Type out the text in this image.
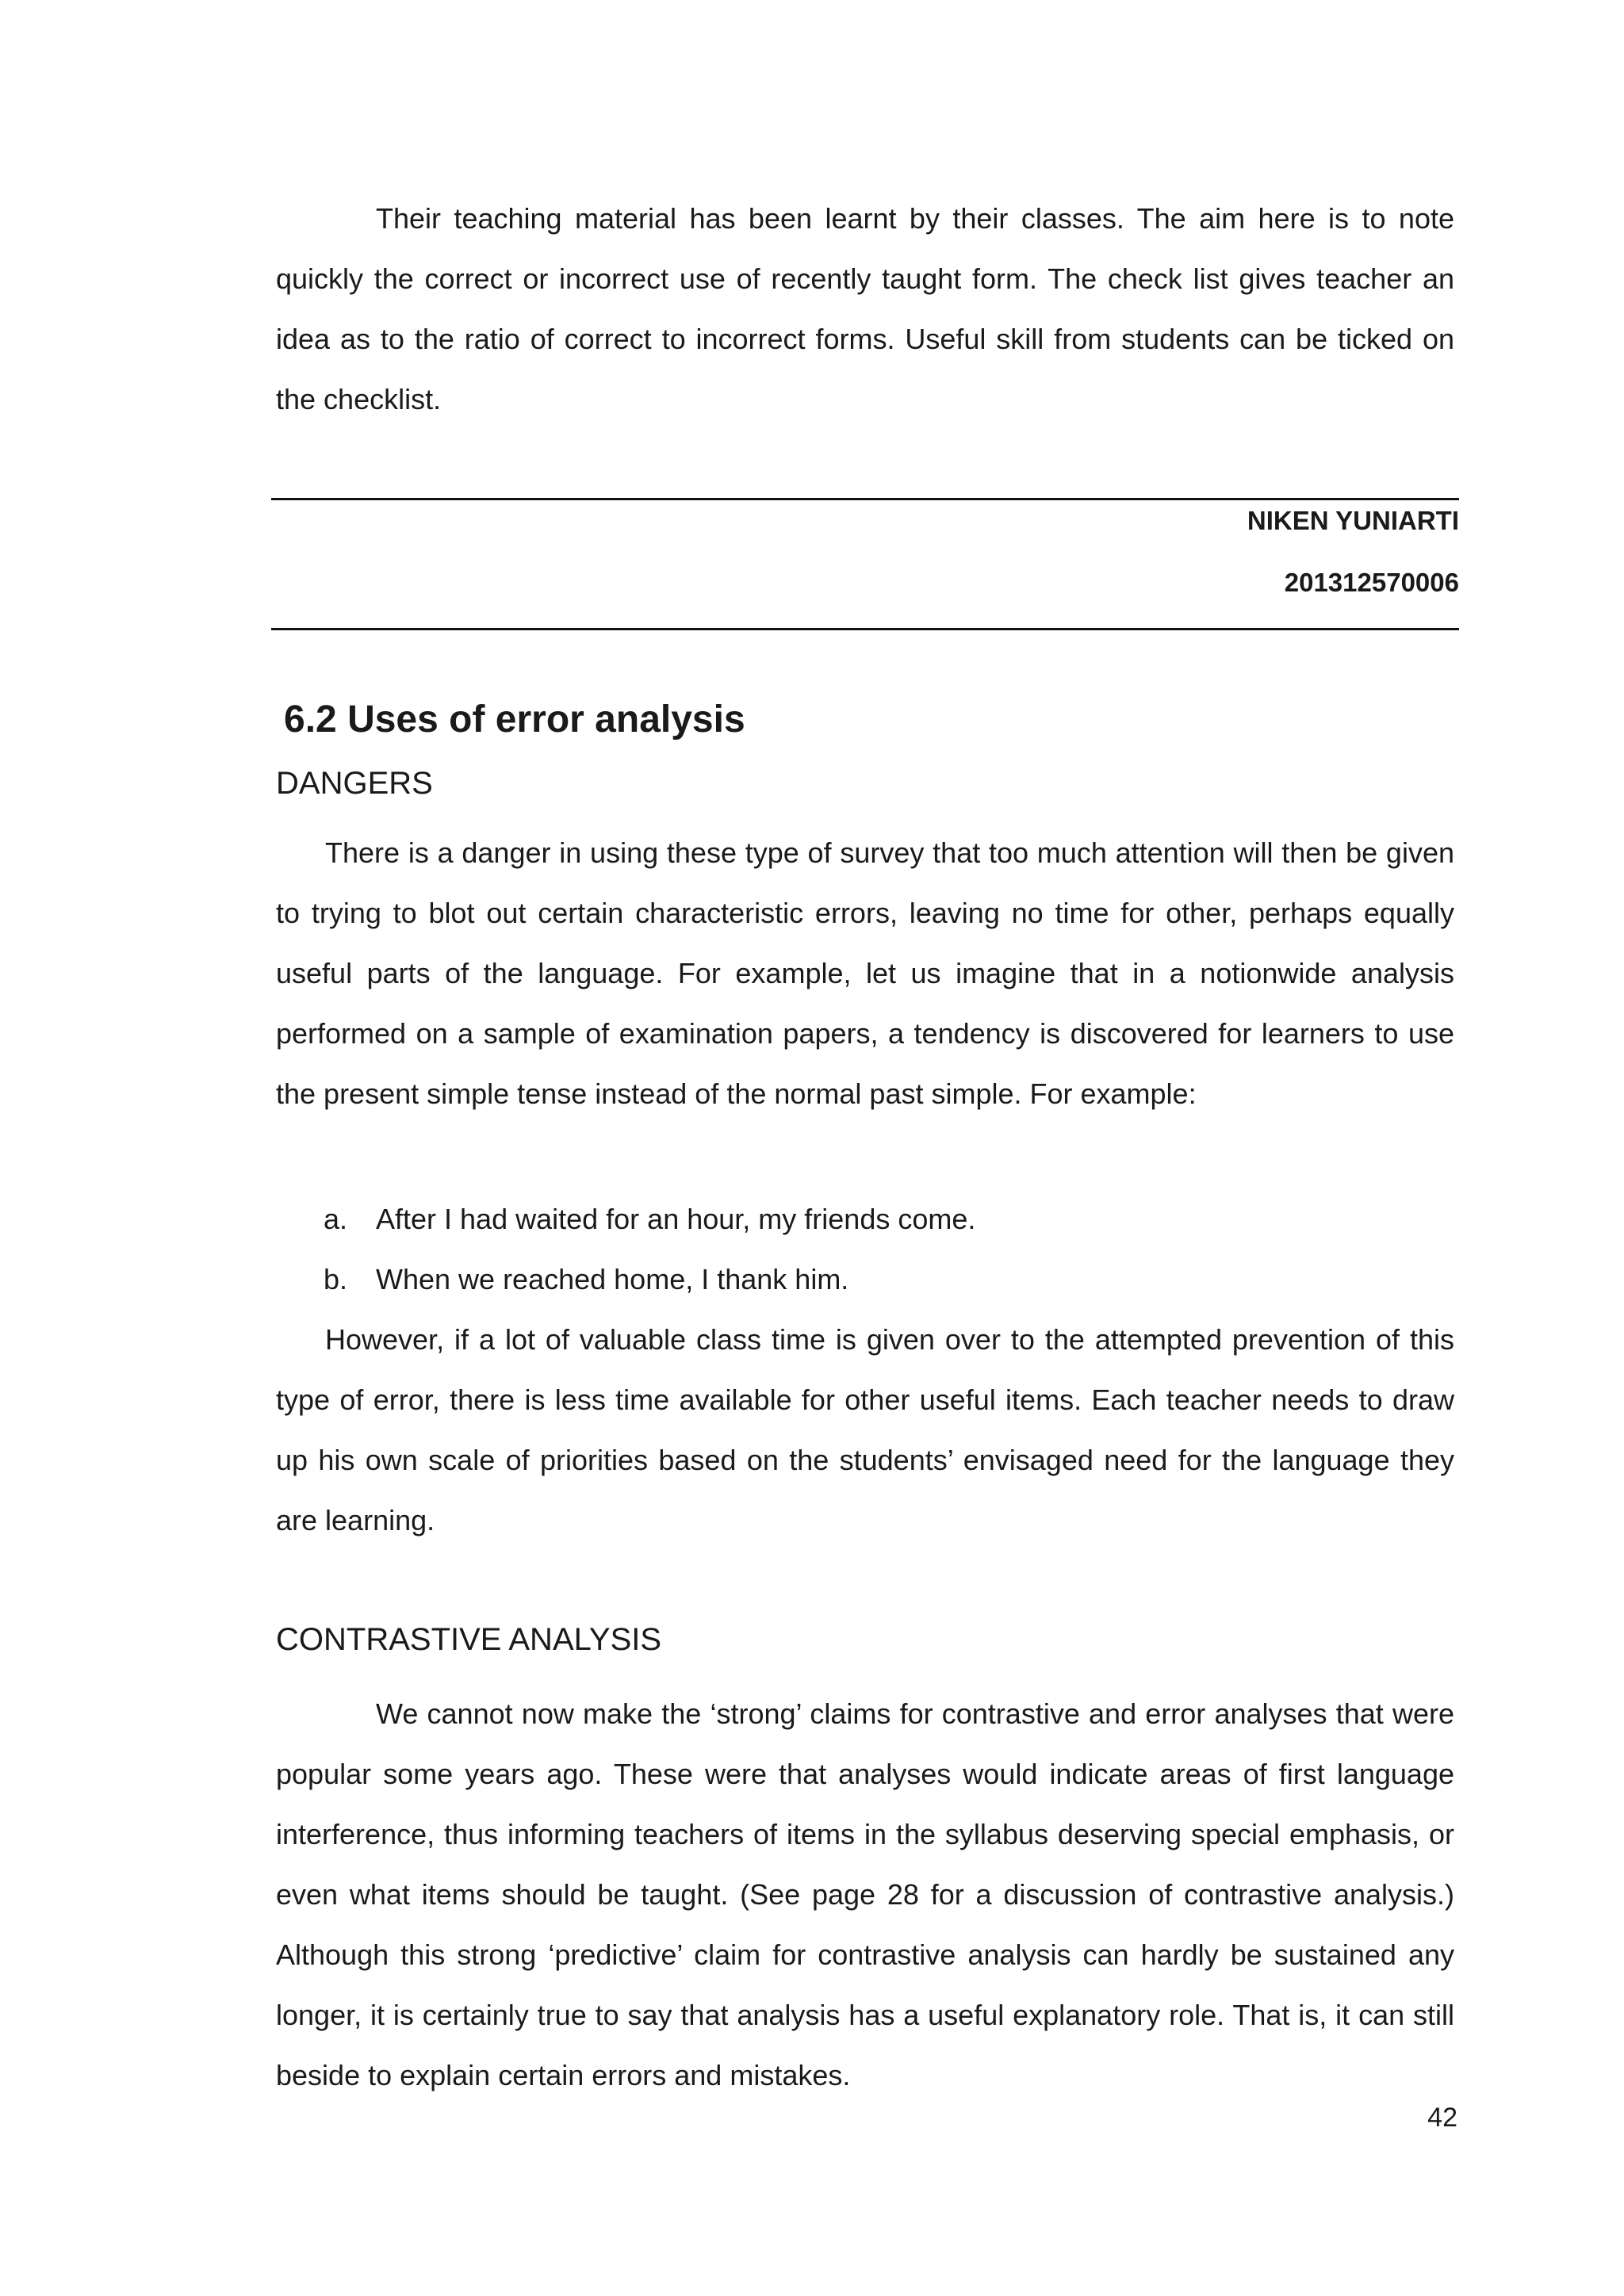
Their teaching material has been learnt by their classes. The aim here is to note quickly the correct or incorrect use of recently taught form. The check list gives teacher an idea as to the ratio of correct to incorrect forms. Useful skill from students can be ticked on the checklist.

NIKEN YUNIARTI

201312570006

6.2 Uses of error analysis
DANGERS

There is a danger in using these type of survey that too much attention will then be given to trying to blot out certain characteristic errors, leaving no time for other, perhaps equally useful parts of the language. For example, let us imagine that in a notionwide analysis performed on a sample of examination papers, a tendency is discovered for learners to use the present simple tense instead of the normal past simple. For example:

a. After I had waited for an hour, my friends come.
b. When we reached home, I thank him.

However, if a lot of valuable class time is given over to the attempted prevention of this type of error, there is less time available for other useful items. Each teacher needs to draw up his own scale of priorities based on the students’ envisaged need for the language they are learning.

CONTRASTIVE ANALYSIS

We cannot now make the ‘strong’ claims for contrastive and error analyses that were popular some years ago. These were that analyses would indicate areas of first language interference, thus informing teachers of items in the syllabus deserving special emphasis, or even what items should be taught. (See page 28 for a discussion of contrastive analysis.) Although this strong ‘predictive’ claim for contrastive analysis can hardly be sustained any longer, it is certainly true to say that analysis has a useful explanatory role. That is, it can still beside to explain certain errors and mistakes.

42
